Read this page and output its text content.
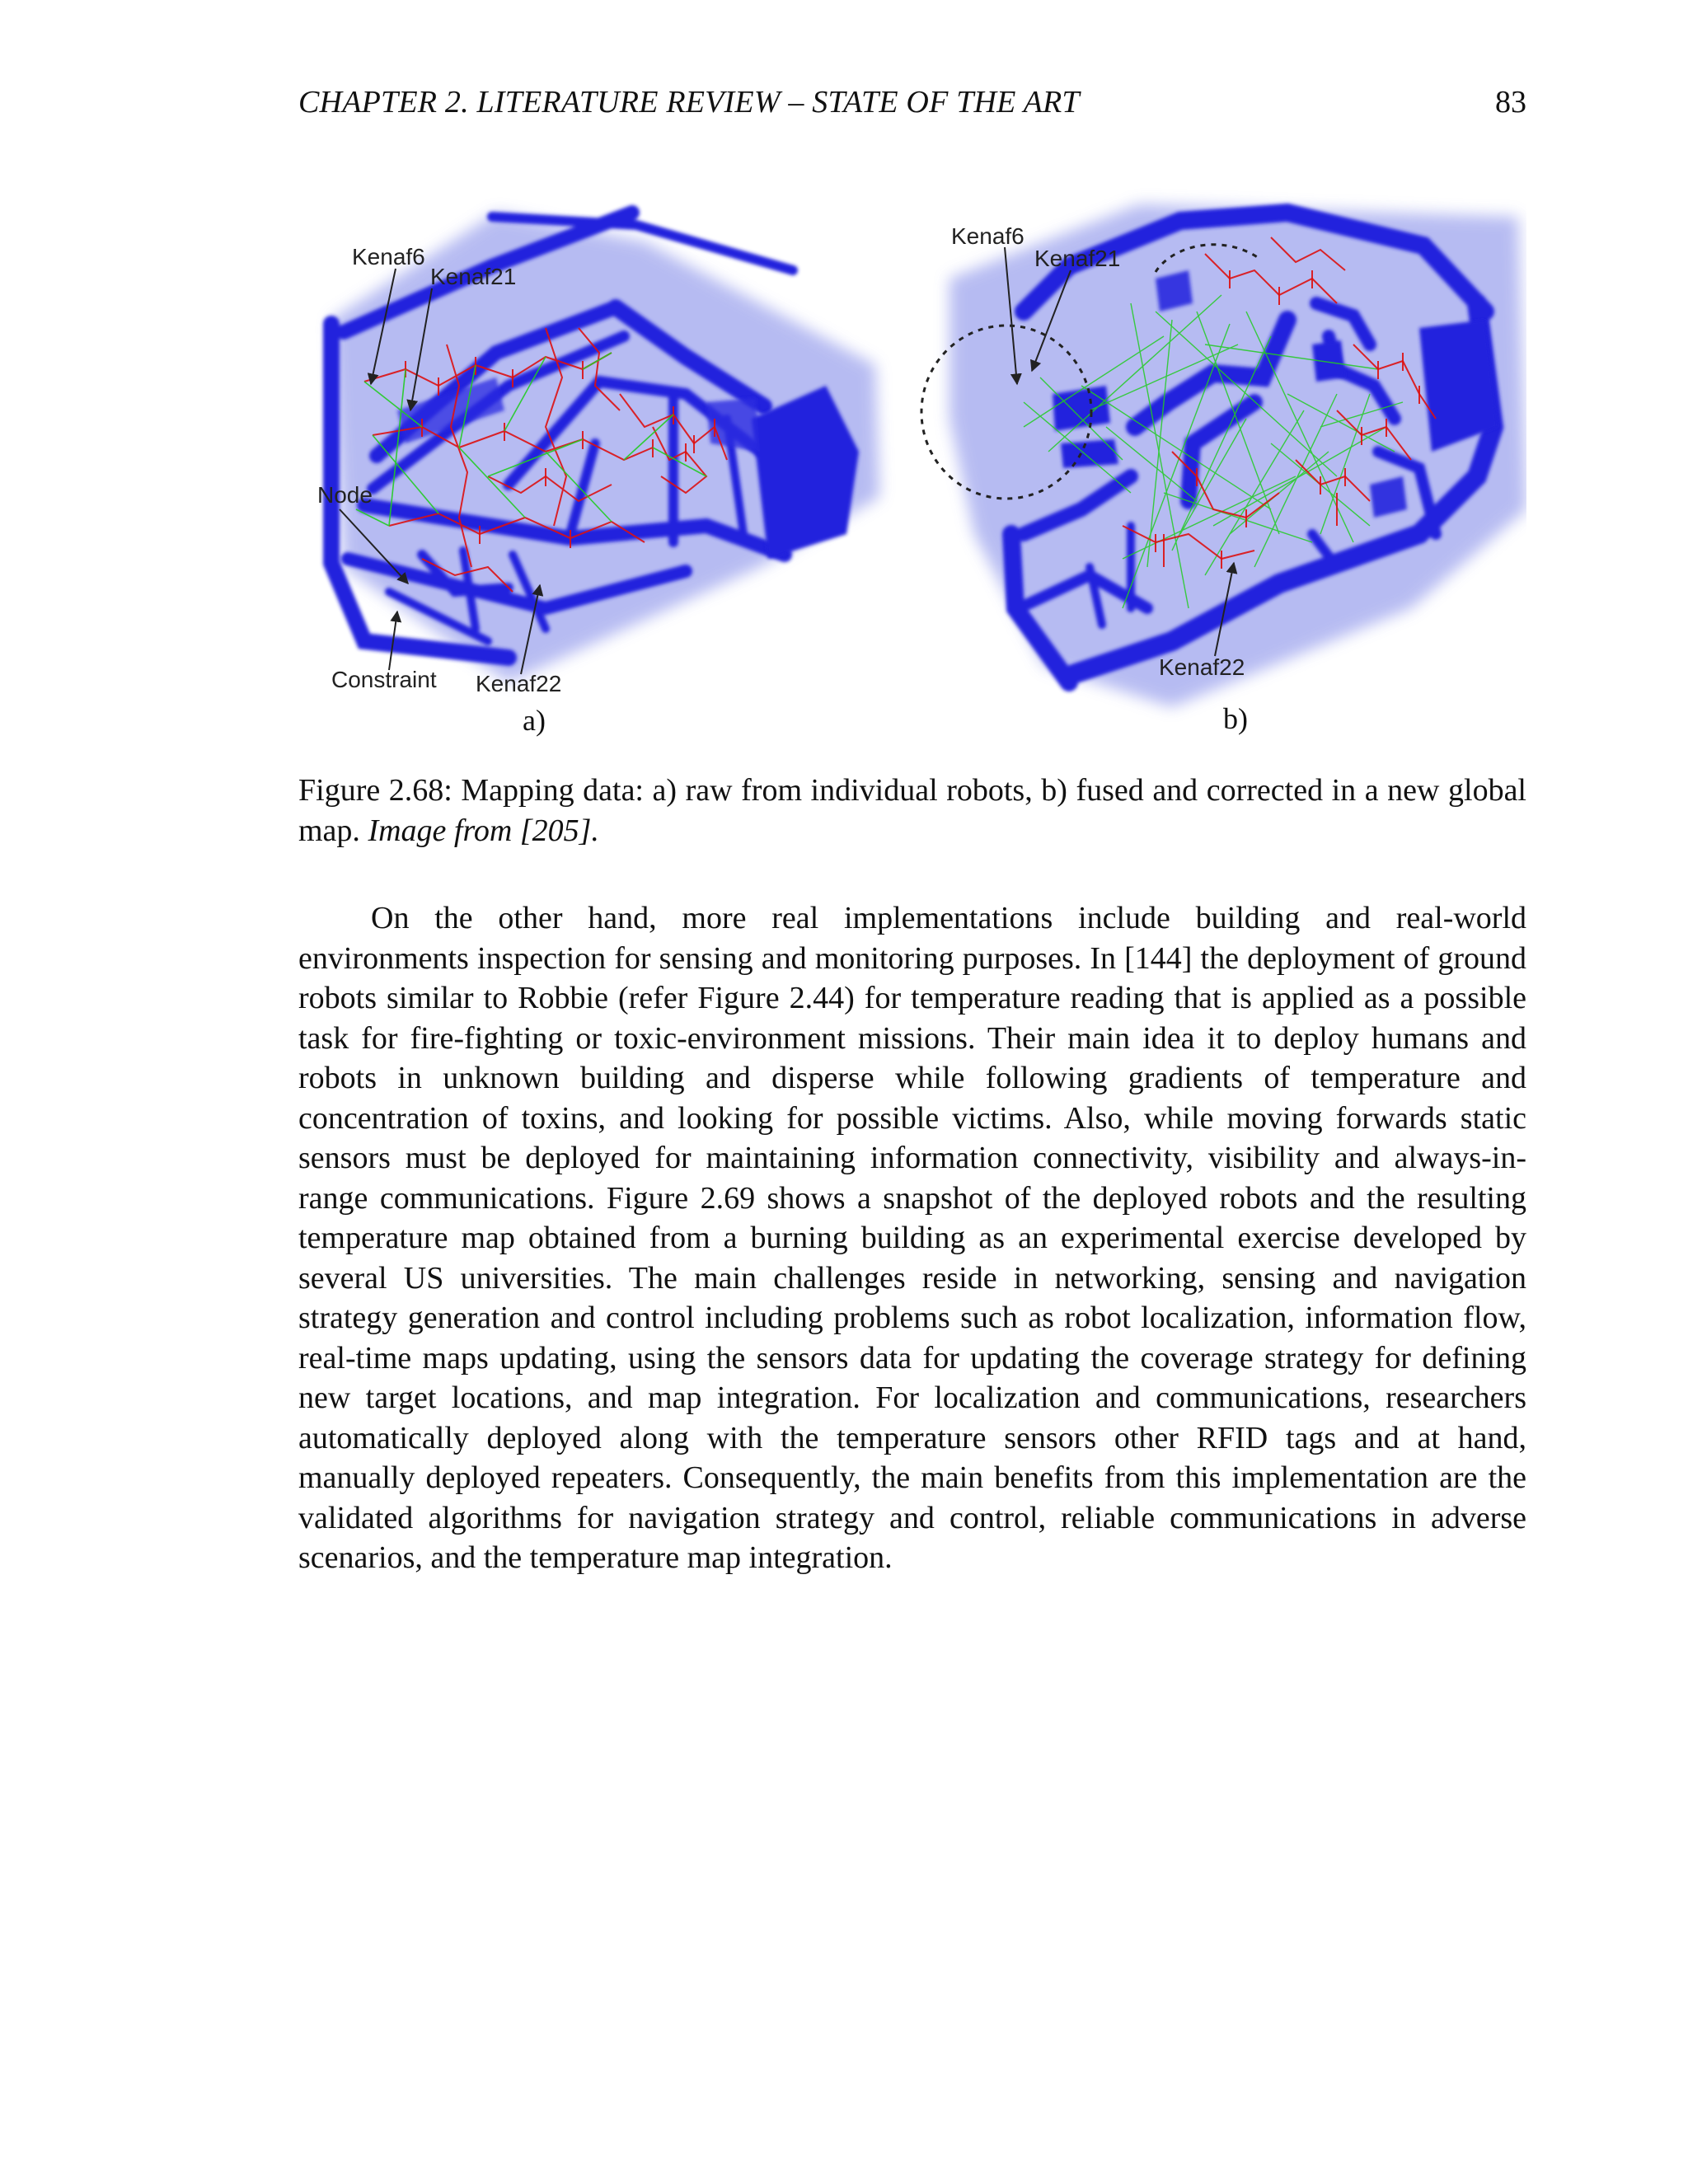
CHAPTER 2. LITERATURE REVIEW – STATE OF THE ART	83
Kenaf6
Kenaf21
Node
Constraint Kenaf22
a)
Kenaf6
Kenaf21
Kenaf22
b)
Figure 2.68: Mapping data: a) raw from individual robots, b) fused and corrected in a new global map. Image from [205].

On the other hand, more real implementations include building and real-world environments inspection for sensing and monitoring purposes. In [144] the deployment of ground robots similar to Robbie (refer Figure 2.44) for temperature reading that is applied as a possible task for fire-fighting or toxic-environment missions. Their main idea it to deploy humans and robots in unknown building and disperse while following gradients of temperature and concentration of toxins, and looking for possible victims. Also, while moving forwards static sensors must be deployed for maintaining information connectivity, visibility and always-in-range communications. Figure 2.69 shows a snapshot of the deployed robots and the resulting temperature map obtained from a burning building as an experimental exercise developed by several US universities. The main challenges reside in networking, sensing and navigation strategy generation and control including problems such as robot localization, information flow, real-time maps updating, using the sensors data for updating the coverage strategy for defining new target locations, and map integration. For localization and communications, researchers automatically deployed along with the temperature sensors other RFID tags and at hand, manually deployed repeaters. Consequently, the main benefits from this implementation are the validated algorithms for navigation strategy and control, reliable communications in adverse scenarios, and the temperature map integration.
